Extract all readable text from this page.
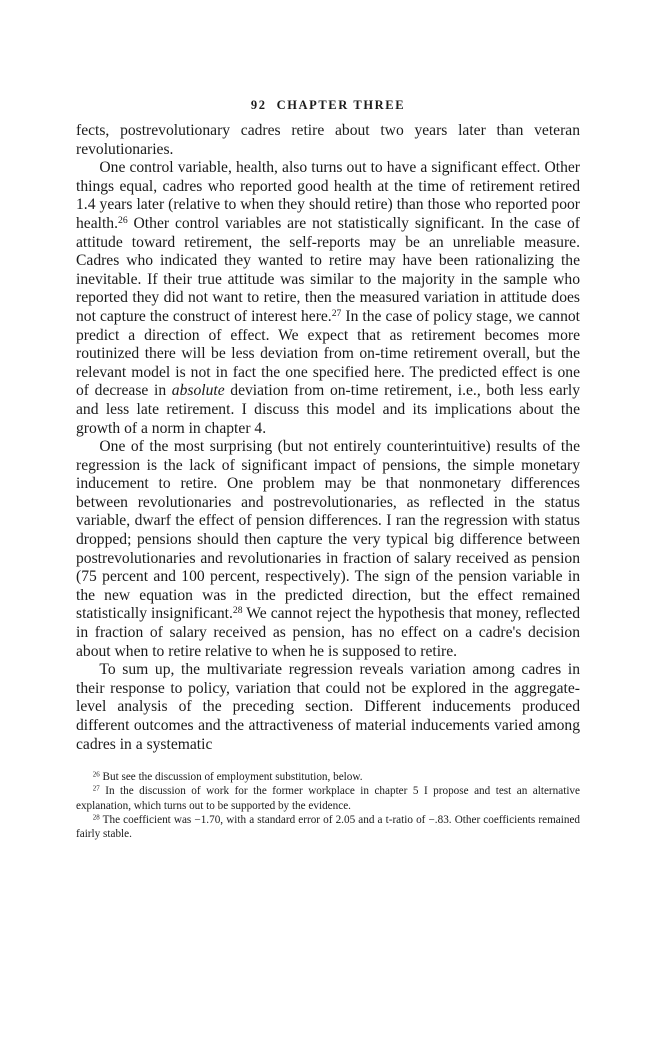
92 CHAPTER THREE

fects, postrevolutionary cadres retire about two years later than veteran revolutionaries.

One control variable, health, also turns out to have a significant effect. Other things equal, cadres who reported good health at the time of retirement retired 1.4 years later (relative to when they should retire) than those who reported poor health.$^{26}$ Other control variables are not statistically significant. In the case of attitude toward retirement, the self-reports may be an unreliable measure. Cadres who indicated they wanted to retire may have been rationalizing the inevitable. If their true attitude was similar to the majority in the sample who reported they did not want to retire, then the measured variation in attitude does not capture the construct of interest here.$^{27}$ In the case of policy stage, we cannot predict a direction of effect. We expect that as retirement becomes more routinized there will be less deviation from on-time retirement overall, but the relevant model is not in fact the one specified here. The predicted effect is one of decrease in absolute deviation from on-time retirement, i.e., both less early and less late retirement. I discuss this model and its implications about the growth of a norm in chapter 4.

One of the most surprising (but not entirely counterintuitive) results of the regression is the lack of significant impact of pensions, the simple monetary inducement to retire. One problem may be that nonmonetary differences between revolutionaries and postrevolutionaries, as reflected in the status variable, dwarf the effect of pension differences. I ran the regression with status dropped; pensions should then capture the very typical big difference between postrevolutionaries and revolutionaries in fraction of salary received as pension (75 percent and 100 percent, respectively). The sign of the pension variable in the new equation was in the predicted direction, but the effect remained statistically insignificant.$^{28}$ We cannot reject the hypothesis that money, reflected in fraction of salary received as pension, has no effect on a cadre's decision about when to retire relative to when he is supposed to retire.

To sum up, the multivariate regression reveals variation among cadres in their response to policy, variation that could not be explored in the aggregate-level analysis of the preceding section. Different inducements produced different outcomes and the attractiveness of material inducements varied among cadres in a systematic

$^{26}$ But see the discussion of employment substitution, below.

$^{27}$ In the discussion of work for the former workplace in chapter 5 I propose and test an alternative explanation, which turns out to be supported by the evidence.

$^{28}$ The coefficient was −1.70, with a standard error of 2.05 and a t-ratio of −.83. Other coefficients remained fairly stable.
